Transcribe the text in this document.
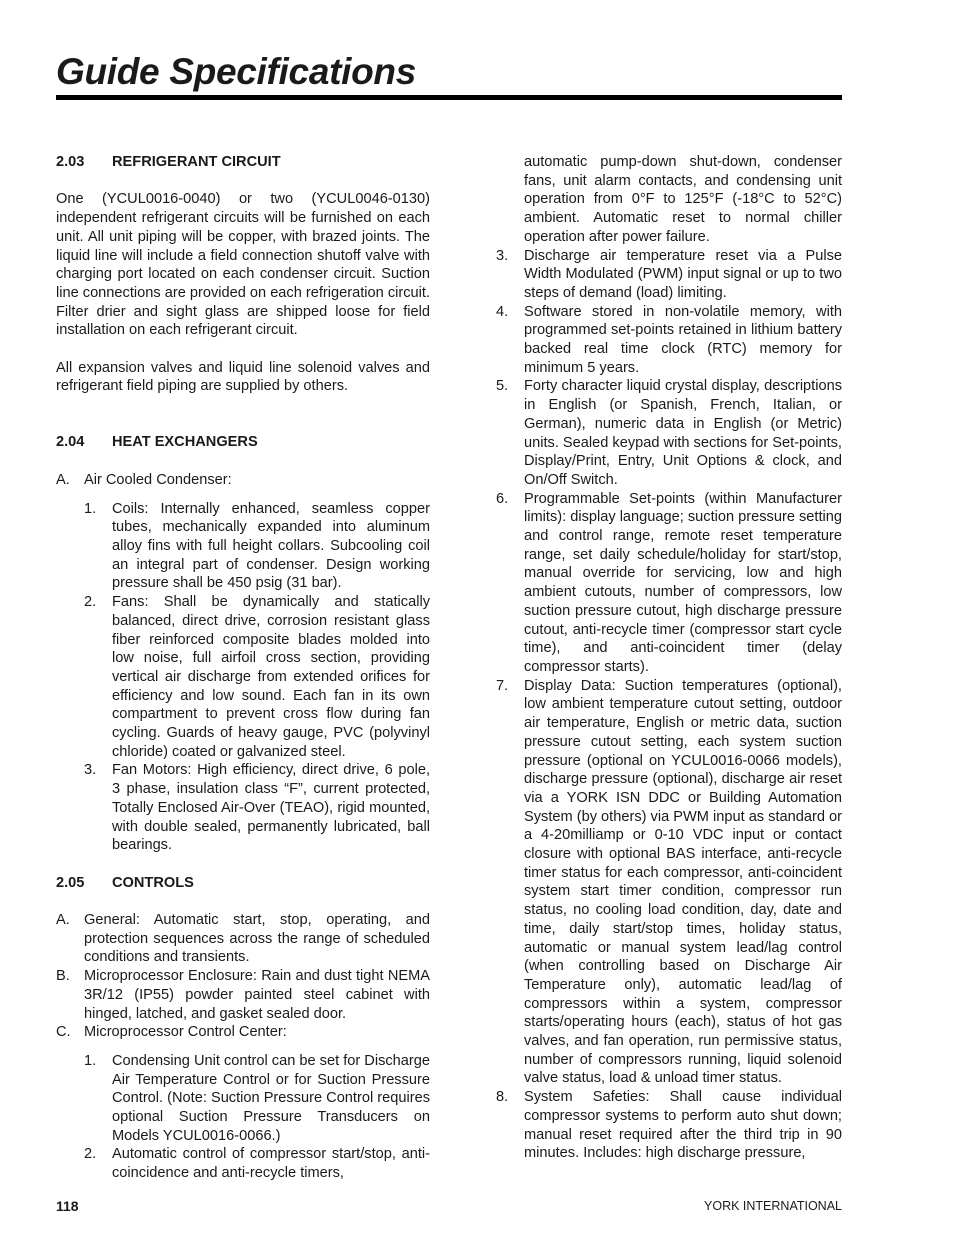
Guide Specifications
2.03	REFRIGERANT CIRCUIT

One (YCUL0016-0040) or two (YCUL0046-0130) independent refrigerant circuits will be furnished on each unit. All unit piping will be copper, with brazed joints. The liquid line will include a field connection shutoff valve with charging port located on each condenser circuit. Suction line connections are provided on each refrigeration circuit. Filter drier and sight glass are shipped loose for field installation on each refrigerant circuit.

All expansion valves and liquid line solenoid valves and refrigerant field piping are supplied by others.

2.04	HEAT EXCHANGERS
A. Air Cooled Condenser:
1.	Coils: Internally enhanced, seamless copper tubes, mechanically expanded into aluminum alloy fins with full height collars. Subcooling coil an integral part of condenser. Design working pressure shall be 450 psig (31 bar).
2.	Fans: Shall be dynamically and statically balanced, direct drive, corrosion resistant glass fiber reinforced composite blades molded into low noise, full airfoil cross section, providing vertical air discharge from extended orifices for efficiency and low sound. Each fan in its own compartment to prevent cross flow during fan cycling. Guards of heavy gauge, PVC (polyvinyl chloride) coated or galvanized steel.
3.	Fan Motors: High efficiency, direct drive, 6 pole, 3 phase, insulation class “F”, current protected, Totally Enclosed Air-Over (TEAO), rigid mounted, with double sealed, permanently lubricated, ball bearings.
2.05	CONTROLS
A. General: Automatic start, stop, operating, and protection sequences across the range of scheduled conditions and transients.
B. Microprocessor Enclosure: Rain and dust tight NEMA 3R/12 (IP55) powder painted steel cabinet with hinged, latched, and gasket sealed door.
C. Microprocessor Control Center:
1.	Condensing Unit control can be set for Discharge Air Temperature Control or for Suction Pressure Control. (Note: Suction Pressure Control requires optional Suction Pressure Transducers on Models YCUL0016-0066.)
2.	Automatic control of compressor start/stop, anti-coincidence and anti-recycle timers,

automatic pump-down shut-down, condenser fans, unit alarm contacts, and condensing unit operation from 0°F to 125°F (-18°C to 52°C) ambient. Automatic reset to normal chiller operation after power failure.

3.	Discharge air temperature reset via a Pulse Width Modulated (PWM) input signal or up to two steps of demand (load) limiting.
4.	Software stored in non-volatile memory, with programmed set-points retained in lithium battery backed real time clock (RTC) memory for minimum 5 years.
5.	Forty character liquid crystal display, descriptions in English (or Spanish, French, Italian, or German), numeric data in English (or Metric) units. Sealed keypad with sections for Set-points, Display/Print, Entry, Unit Options & clock, and On/Off Switch.
6.	Programmable Set-points (within Manufacturer limits): display language; suction pressure setting and control range, remote reset temperature range, set daily schedule/holiday for start/stop, manual override for servicing, low and high ambient cutouts, number of compressors, low suction pressure cutout, high discharge pressure cutout, anti-recycle timer (compressor start cycle time), and anti-coincident timer (delay compressor starts).
7.	Display Data: Suction temperatures (optional), low ambient temperature cutout setting, outdoor air temperature, English or metric data, suction pressure cutout setting, each system suction pressure (optional on YCUL0016-0066 models), discharge pressure (optional), discharge air reset via a YORK ISN DDC or Building Automation System (by others) via PWM input as standard or a 4-20milliamp or 0-10 VDC input or contact closure with optional BAS interface, anti-recycle timer status for each compressor, anti-coincident system start timer condition, compressor run status, no cooling load condition, day, date and time, daily start/stop times, holiday status, automatic or manual system lead/lag control (when controlling based on Discharge Air Temperature only), automatic lead/lag of compressors within a system, compressor starts/operating hours (each), status of hot gas valves, and fan operation, run permissive status, number of compressors running, liquid solenoid valve status, load & unload timer status.
8.	System Safeties: Shall cause individual compressor systems to perform auto shut down; manual reset required after the third trip in 90 minutes. Includes: high discharge pressure,
118	YORK INTERNATIONAL
